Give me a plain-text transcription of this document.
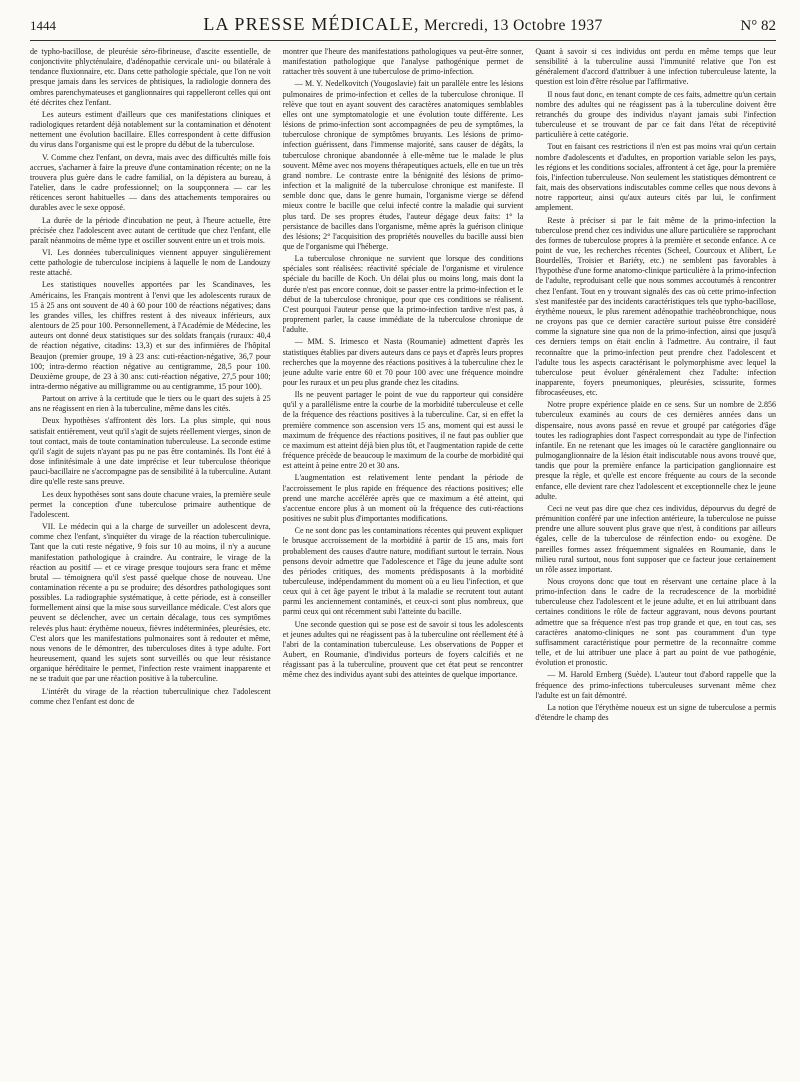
1444	LA PRESSE MÉDICALE, Mercredi, 13 Octobre 1937	N° 82

de typho-bacillose, de pleurésie séro-fibrineuse, d'ascite essentielle, de conjonctivite phlycténulaire, d'adénopathie cervicale uni- ou bilatérale à tendance fluxionnaire, etc. Dans cette pathologie spéciale, que l'on ne voit presque jamais dans les services de phtisiques, la radiologie donnera des ombres parenchymateuses et ganglionnaires qui rappelleront celles qui ont été décrites chez l'enfant.

Les auteurs estiment d'ailleurs que ces manifestations cliniques et radiologiques retardent déjà notablement sur la contamination et dénotent nettement une évolution bacillaire. Elles correspondent à cette diffusion du virus dans l'organisme qui est le propre du début de la tuberculose.

V. Comme chez l'enfant, on devra, mais avec des difficultés mille fois accrues, s'acharner à faire la preuve d'une contamination récente; on ne la trouvera plus guère dans le cadre familial, on la dépistera au bureau, à l'atelier, dans le cadre professionnel; on la soupçonnera — car les réticences seront habituelles — dans des attachements temporaires ou durables avec le sexe opposé.

La durée de la période d'incubation ne peut, à l'heure actuelle, être précisée chez l'adolescent avec autant de certitude que chez l'enfant, elle paraît néanmoins de même type et osciller souvent entre un et trois mois.

VI. Les données tuberculiniques viennent appuyer singulièrement cette pathologie de tuberculose incipiens à laquelle le nom de Landouzy reste attaché.

Les statistiques nouvelles apportées par les Scandinaves, les Américains, les Français montrent à l'envi que les adolescents ruraux de 15 à 25 ans ont souvent de 40 à 60 pour 100 de réactions négatives; dans les grandes villes, les chiffres restent à des niveaux inférieurs, aux alentours de 25 pour 100. Personnellement, à l'Académie de Médecine, les auteurs ont donné deux statistiques sur des soldats français (ruraux: 40,4 de réaction négative, citadins: 13,3) et sur des infirmières de l'hôpital Beaujon (premier groupe, 19 à 23 ans: cuti-réaction-négative, 36,7 pour 100; intra-dermo réaction négative au centigramme, 28,5 pour 100. Deuxième groupe, de 23 à 30 ans: cuti-réaction négative, 27,5 pour 100; intra-dermo négative au milligramme ou au centigramme, 15 pour 100).

Partout on arrive à la certitude que le tiers ou le quart des sujets à 25 ans ne réagissent en rien à la tuberculine, même dans les cités.

Deux hypothèses s'affrontent dès lors. La plus simple, qui nous satisfait entièrement, veut qu'il s'agit de sujets réellement vierges, sinon de tout contact, mais de toute contamination tuberculeuse. La seconde estime qu'il s'agit de sujets n'ayant pas pu ne pas être contaminés. Ils l'ont été à dose infinitésimale à une date imprécise et leur tuberculose théorique pauci-bacillaire ne s'accompagne pas de sensibilité à la tuberculine. Autant dire qu'elle reste sans preuve.

Les deux hypothèses sont sans doute chacune vraies, la première seule permet la conception d'une tuberculose primaire authentique de l'adolescent.

VII. Le médecin qui a la charge de surveiller un adolescent devra, comme chez l'enfant, s'inquiéter du virage de la réaction tuberculinique. Tant que la cuti reste négative, 9 fois sur 10 au moins, il n'y a aucune manifestation pathologique à craindre. Au contraire, le virage de la réaction au positif — et ce virage presque toujours sera franc et même brutal — témoignera qu'il s'est passé quelque chose de nouveau. Une contamination récente a pu se produire; des désordres pathologiques sont possibles. La radiographie systématique, à cette période, est à conseiller formellement ainsi que la mise sous surveillance médicale. C'est alors que peuvent se déclencher, avec un certain décalage, tous ces symptômes relevés plus haut: érythème noueux, fièvres indéterminées, pleurésies, etc. C'est alors que les manifestations pulmonaires sont à redouter et même, nous venons de le démontrer, des tuberculoses dites à type adulte. Fort heureusement, quand les sujets sont surveillés ou que leur résistance organique héréditaire le permet, l'infection reste vraiment inapparente et ne se traduit que par une réaction positive à la tuberculine.

L'intérêt du virage de la réaction tuberculinique chez l'adolescent comme chez l'enfant est donc de

montrer que l'heure des manifestations pathologiques va peut-être sonner, manifestation pathologique que l'analyse pathogénique permet de rattacher très souvent à une tuberculose de primo-infection.

— M. Y. Nedelkovitch (Yougoslavie) fait un parallèle entre les lésions pulmonaires de primo-infection et celles de la tuberculose chronique. Il relève que tout en ayant souvent des caractères anatomiques semblables elles ont une symptomatologie et une évolution toute différente. Les lésions de primo-infection sont accompagnées de peu de symptômes, la tuberculose chronique de symptômes bruyants. Les lésions de primo-infection guérissent, dans l'immense majorité, sans causer de dégâts, la tuberculose chronique abandonnée à elle-même tue le malade le plus souvent. Même avec nos moyens thérapeutiques actuels, elle en tue un très grand nombre. Le contraste entre la bénignité des lésions de primo-infection et la malignité de la tuberculose chronique est manifeste. Il semble donc que, dans le genre humain, l'organisme vierge se défend mieux contre le bacille que celui infecté contre la maladie qui survient plus tard. De ses propres études, l'auteur dégage deux faits: 1° la persistance de bacilles dans l'organisme, même après la guérison clinique des lésions; 2° l'acquisition des propriétés nouvelles du bacille aussi bien que de l'organisme qui l'héberge.

La tuberculose chronique ne survient que lorsque des conditions spéciales sont réalisées: réactivité spéciale de l'organisme et virulence spéciale du bacille de Koch. Un délai plus ou moins long, mais dont la durée n'est pas encore connue, doit se passer entre la primo-infection et le début de la tuberculose chronique, pour que ces conditions se réalisent. C'est pourquoi l'auteur pense que la primo-infection tardive n'est pas, à proprement parler, la cause immédiate de la tuberculose chronique de l'adulte.

— MM. S. Irimesco et Nasta (Roumanie) admettent d'après les statistiques établies par divers auteurs dans ce pays et d'après leurs propres recherches que la moyenne des réactions positives à la tuberculine chez le jeune adulte varie entre 60 et 70 pour 100 avec une fréquence moindre pour les ruraux et un peu plus grande chez les citadins.

Ils ne peuvent partager le point de vue du rapporteur qui considère qu'il y a parallélisme entre la courbe de la morbidité tuberculeuse et celle de la fréquence des réactions positives à la tuberculine. Car, si en effet la première commence son ascension vers 15 ans, moment qui est aussi le maximum de fréquence des réactions positives, il ne faut pas oublier que ce maximum est atteint déjà bien plus tôt, et l'augmentation rapide de cette fréquence précède de beaucoup le maximum de la courbe de morbidité qui est atteint à peine entre 20 et 30 ans.

L'augmentation est relativement lente pendant la période de l'accroissement le plus rapide en fréquence des réactions positives; elle prend une marche accélérée après que ce maximum a été atteint, qui s'accentue encore plus à un moment où la fréquence des cuti-réactions positives ne subit plus d'importantes modifications.

Ce ne sont donc pas les contaminations récentes qui peuvent expliquer le brusque accroissement de la morbidité à partir de 15 ans, mais fort probablement des causes d'autre nature, modifiant surtout le terrain. Nous pensons devoir admettre que l'adolescence et l'âge du jeune adulte sont des périodes critiques, des moments prédisposants à la morbidité tuberculeuse, indépendamment du moment où a eu lieu l'infection, et que ceux qui à cet âge payent le tribut à la maladie se recrutent tout autant parmi les anciennement contaminés, et ceux-ci sont plus nombreux, que parmi ceux qui ont récemment subi l'atteinte du bacille.

Une seconde question qui se pose est de savoir si tous les adolescents et jeunes adultes qui ne réagissent pas à la tuberculine ont réellement été à l'abri de la contamination tuberculeuse. Les observations de Popper et Aubert, en Roumanie, d'individus porteurs de foyers calcifiés et ne réagissant pas à la tuberculine, prouvent que cet état peut se rencontrer même chez des individus ayant subi des atteintes de quelque importance.

Quant à savoir si ces individus ont perdu en même temps que leur sensibilité à la tuberculine aussi l'immunité relative que l'on est généralement d'accord d'attribuer à une infection tuberculeuse latente, la question est loin d'être résolue par l'affirmative.

Il nous faut donc, en tenant compte de ces faits, admettre qu'un certain nombre des adultes qui ne réagissent pas à la tuberculine doivent être retranchés du groupe des individus n'ayant jamais subi l'infection tuberculeuse et se trouvant de par ce fait dans l'état de réceptivité particulière à cette catégorie.

Tout en faisant ces restrictions il n'en est pas moins vrai qu'un certain nombre d'adolescents et d'adultes, en proportion variable selon les pays, les régions et les conditions sociales, affrontent à cet âge, pour la première fois, l'infection tuberculeuse. Non seulement les statistiques démontrent ce fait, mais des observations indiscutables comme celles que nous devons à notre rapporteur, ainsi qu'aux auteurs cités par lui, le confirment amplement.

Reste à préciser si par le fait même de la primo-infection la tuberculose prend chez ces individus une allure particulière se rapprochant des formes de tuberculose propres à la première et seconde enfance. A ce point de vue, les recherches récentes (Scheel, Courcoux et Alibert, Le Bourdellès, Troisier et Bariéty, etc.) ne semblent pas favorables à l'hypothèse d'une forme anatomo-clinique particulière à la primo-infection de l'adulte, reproduisant celle que nous sommes accoutumés à rencontrer chez l'enfant. Tout en y trouvant signalés des cas où cette primo-infection s'est manifestée par des incidents caractéristiques tels que typho-bacillose, érythème noueux, le plus rarement adénopathie trachéobronchique, nous ne croyons pas que ce dernier caractère surtout puisse être considéré comme la signature sine qua non de la primo-infection, ainsi que jusqu'à ces derniers temps on était enclin à l'admettre. Au contraire, il faut reconnaître que la primo-infection peut prendre chez l'adolescent et l'adulte tous les aspects caractérisant le polymorphisme avec lequel la tuberculose peut évoluer généralement chez l'adulte: infection inapparente, foyers pneumoniques, pleurésies, scissurite, formes fibrocaséeuses, etc.

Notre propre expérience plaide en ce sens. Sur un nombre de 2.856 tuberculeux examinés au cours de ces dernières années dans un dispensaire, nous avons passé en revue et groupé par catégories d'âge toutes les radiographies dont l'aspect correspondait au type de l'infection infantile. En ne retenant que les images où le caractère ganglionnaire ou pulmoganglionnaire de la lésion était indiscutable nous avons trouvé que, tandis que pour la première enfance la participation ganglionnaire est presque la règle, et qu'elle est encore fréquente au cours de la seconde enfance, elle devient rare chez l'adolescent et exceptionnelle chez le jeune adulte.

Ceci ne veut pas dire que chez ces individus, dépourvus du degré de prémunition conféré par une infection antérieure, la tuberculose ne puisse prendre une allure souvent plus grave que n'est, à conditions par ailleurs égales, celle de la tuberculose de réinfection endo- ou exogène. De pareilles formes assez fréquemment signalées en Roumanie, dans le milieu rural surtout, nous font supposer que ce facteur joue certainement un rôle assez important.

Nous croyons donc que tout en réservant une certaine place à la primo-infection dans le cadre de la recrudescence de la morbidité tuberculeuse chez l'adolescent et le jeune adulte, et en lui attribuant dans certaines conditions le rôle de facteur aggravant, nous devons pourtant admettre que sa fréquence n'est pas trop grande et que, en tout cas, ses caractères anatomo-cliniques ne sont pas couramment d'un type suffisamment caractéristique pour permettre de la reconnaître comme telle, et de lui attribuer une place à part au point de vue pathogénie, évolution et pronostic.

— M. Harold Ernberg (Suède). L'auteur tout d'abord rappelle que la fréquence des primo-infections tuberculeuses survenant même chez l'adulte est un fait démontré.

La notion que l'érythème noueux est un signe de tuberculose a permis d'étendre le champ des
